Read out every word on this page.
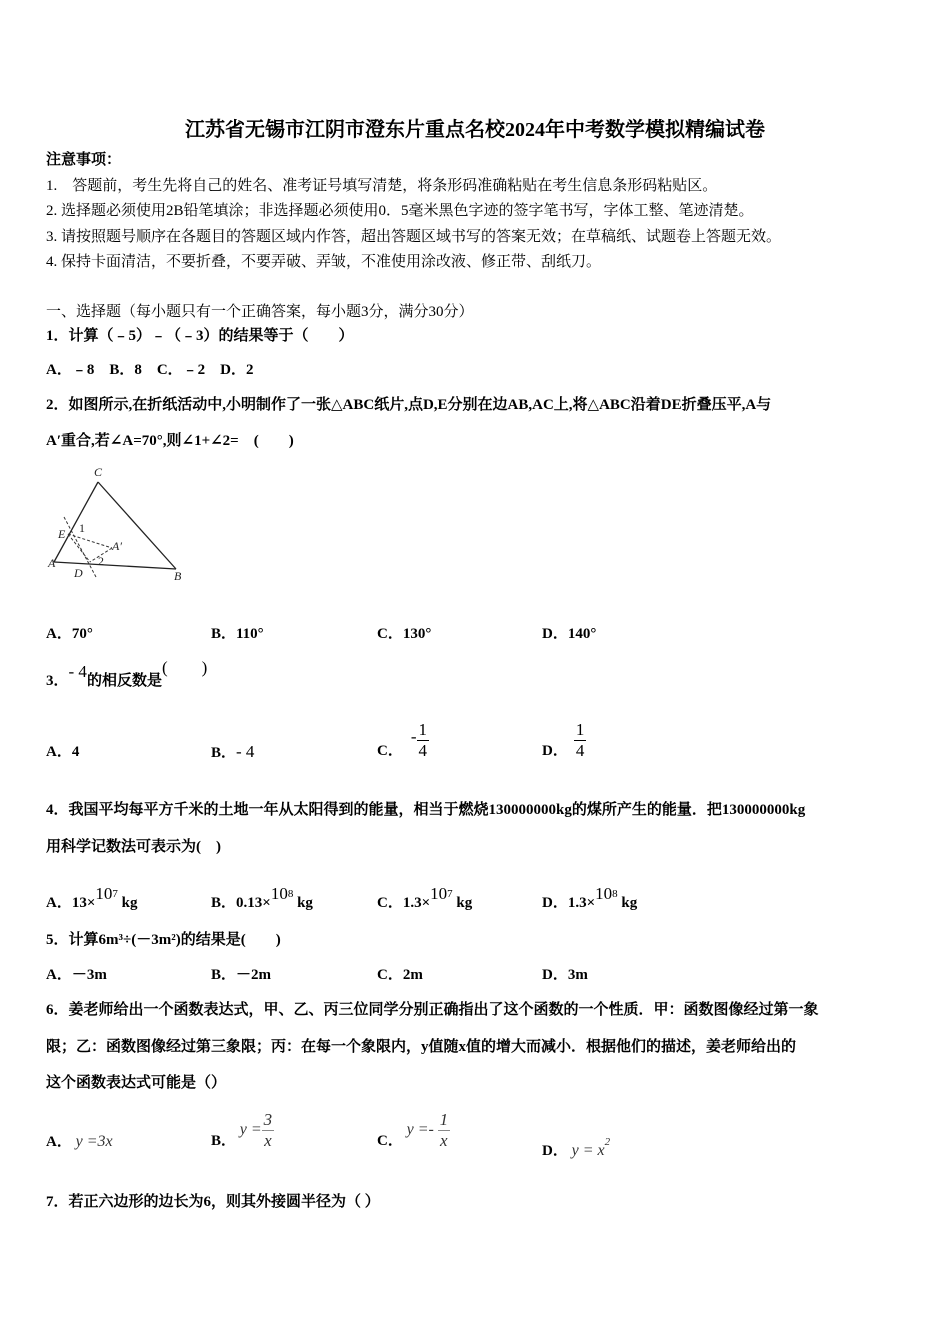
江苏省无锡市江阴市澄东片重点名校2024年中考数学模拟精编试卷
注意事项：
1.　答题前，考生先将自己的姓名、准考证号填写清楚，将条形码准确粘贴在考生信息条形码粘贴区。
2. 选择题必须使用2B铅笔填涂；非选择题必须使用0．5毫米黑色字迹的签字笔书写，字体工整、笔迹清楚。
3. 请按照题号顺序在各题目的答题区域内作答，超出答题区域书写的答案无效；在草稿纸、试题卷上答题无效。
4. 保持卡面清洁，不要折叠，不要弄破、弄皱，不准使用涂改液、修正带、刮纸刀。
一、选择题（每小题只有一个正确答案，每小题3分，满分30分）
1．计算（﹣5）﹣（﹣3）的结果等于（　　）
A．﹣8　B．8　C．﹣2　D．2
2．如图所示,在折纸活动中,小明制作了一张△ABC纸片,点D,E分别在边AB,AC上,将△ABC沿着DE折叠压平,A与
A′重合,若∠A=70°,则∠1+∠2=　(　　)
C
E 1
A′
A
D
2
B
A．70°	B．110°	C．130°	D．140°
3．- 4的相反数是(　　)
A．4	B．- 4	C．- $\frac{1}{4}$	D． $\frac{1}{4}$
4．我国平均每平方千米的土地一年从太阳得到的能量，相当于燃烧130000000kg的煤所产生的能量．把130000000kg
用科学记数法可表示为(　)
A．$13\times 10^7$ kg	B．$0.13\times 10^8$ kg	C．$1.3\times 10^7$ kg	D．$1.3\times 10^8$ kg
5．计算6m³÷(－3m²)的结果是(　　)
A．－3m	B．－2m	C．2m	D．3m
6．姜老师给出一个函数表达式，甲、乙、丙三位同学分别正确指出了这个函数的一个性质．甲：函数图像经过第一象
限；乙：函数图像经过第三象限；丙：在每一个象限内，y值随x值的增大而减小．根据他们的描述，姜老师给出的
这个函数表达式可能是（）
A． y =3x	B． $y = \frac{3}{x}$	C． $y =- \frac{1}{x}$	D． $y = x^2$
7．若正六边形的边长为6，则其外接圆半径为（ ）
